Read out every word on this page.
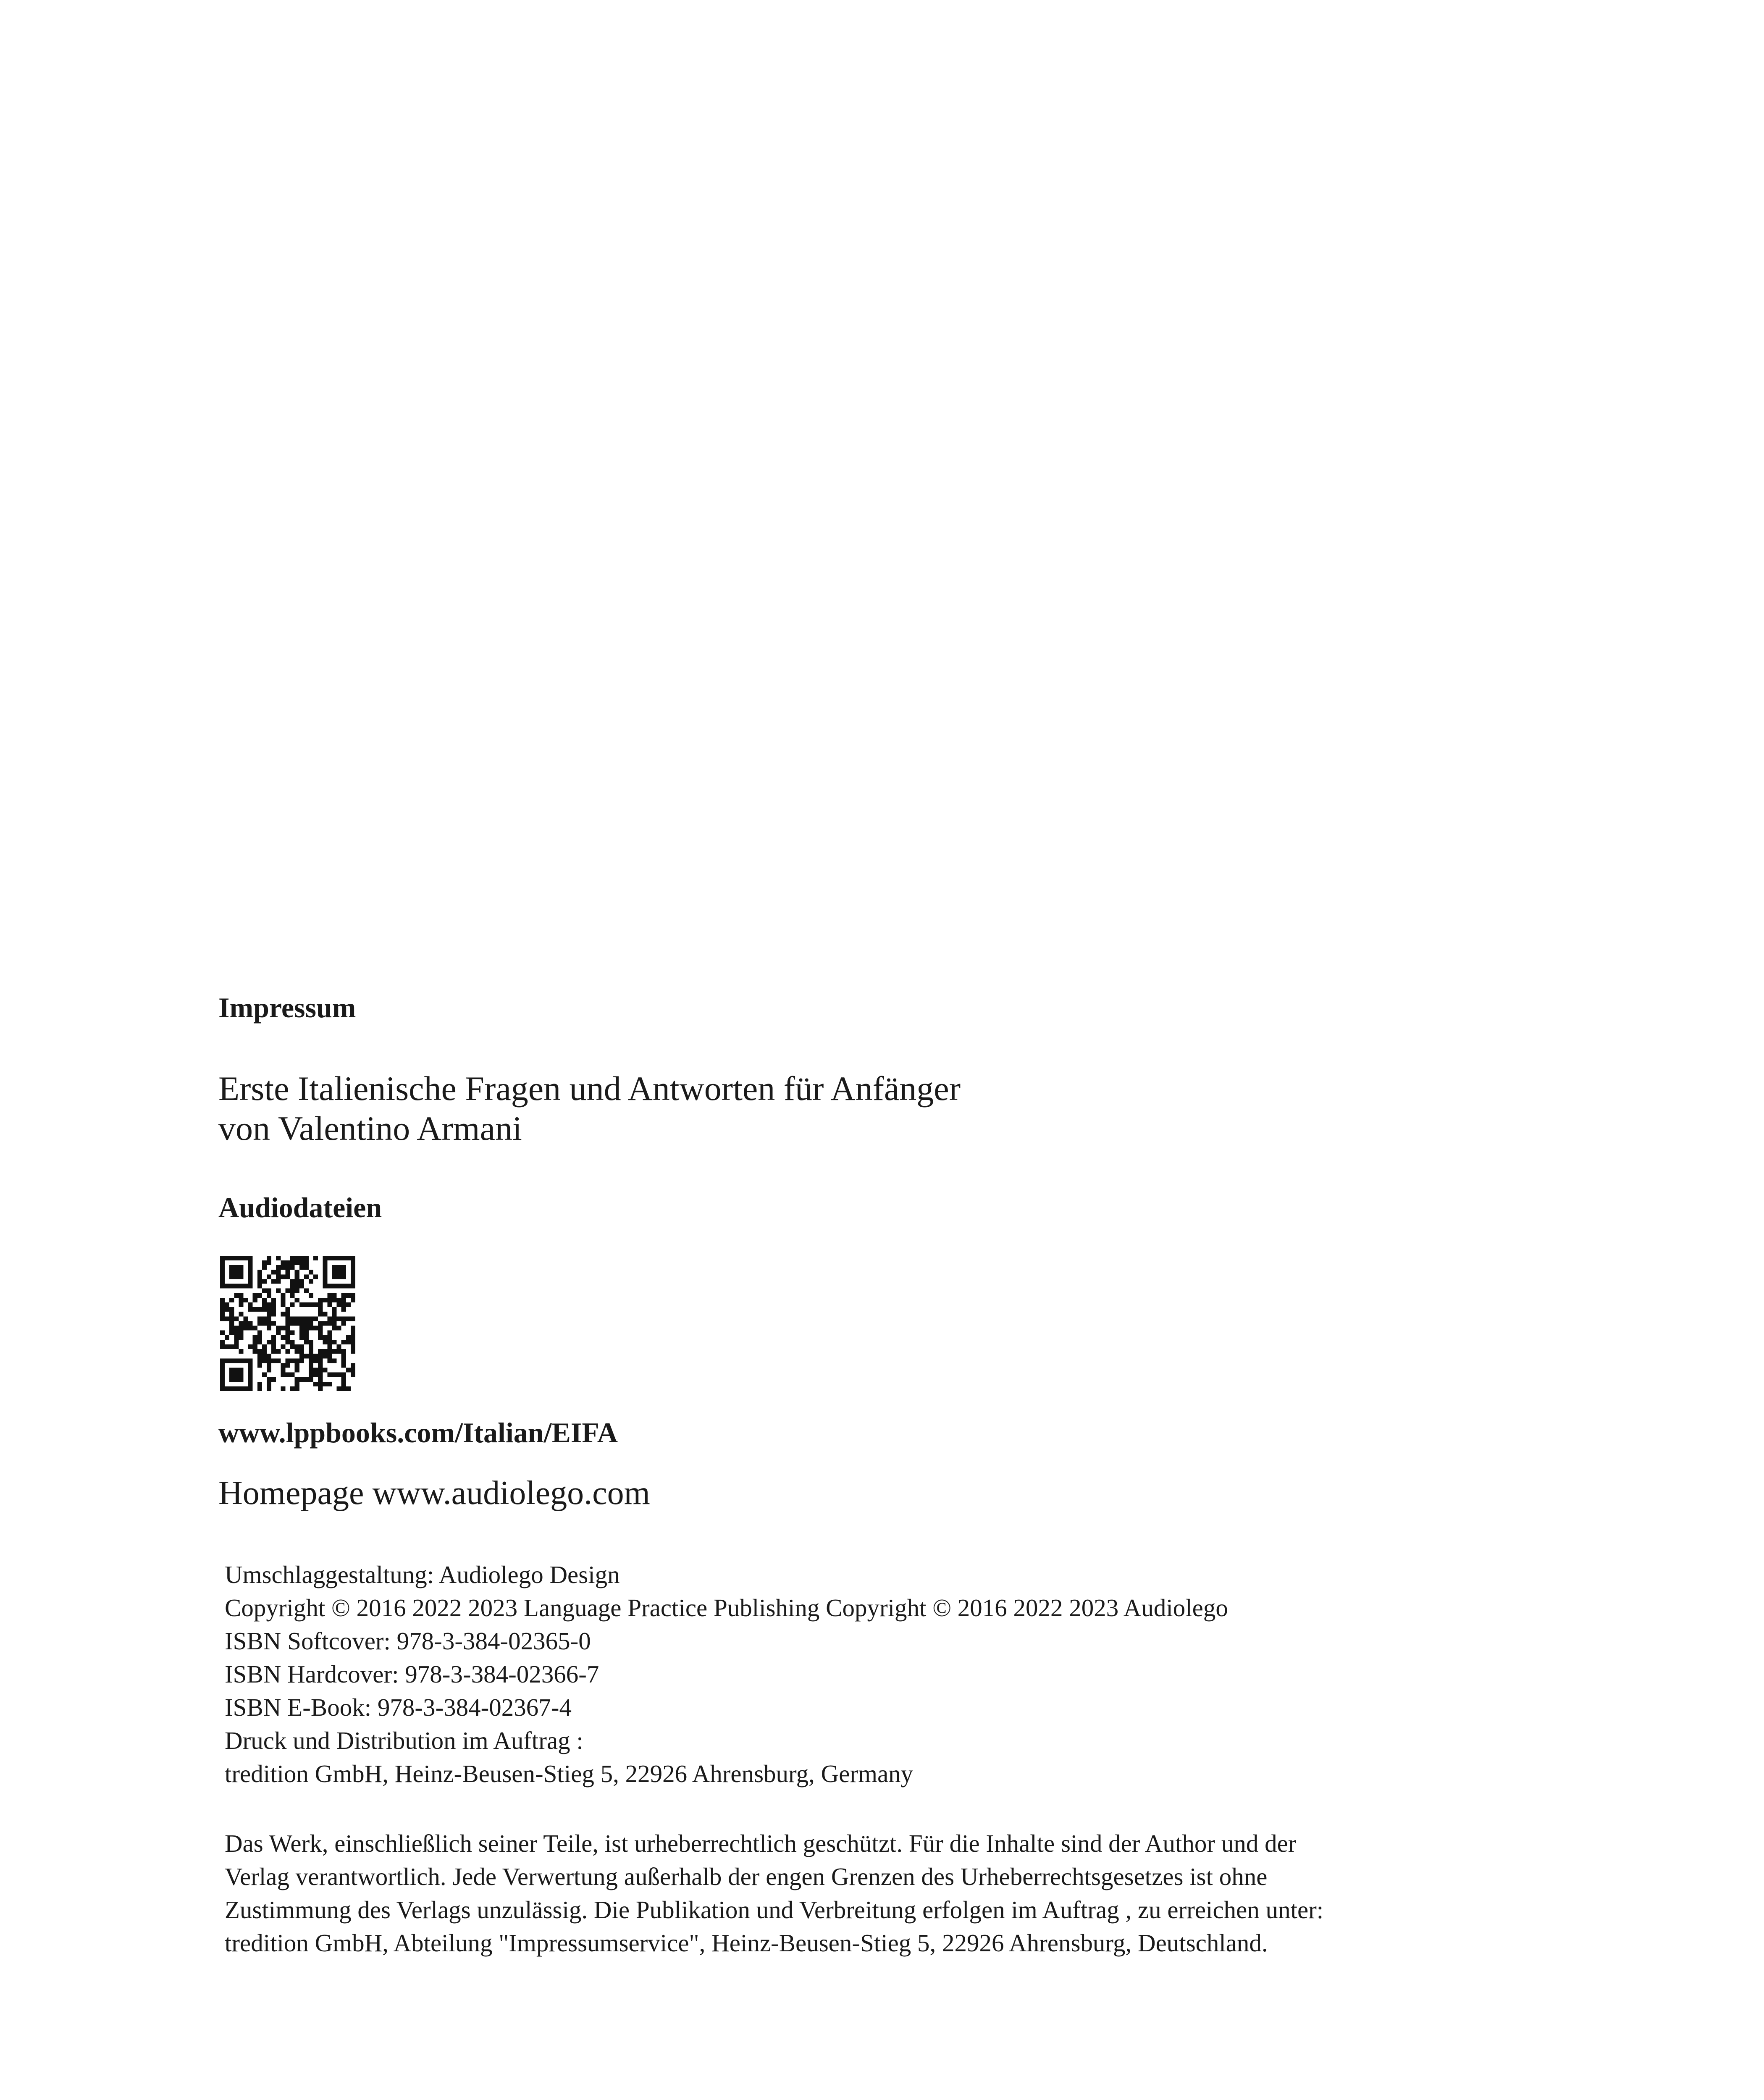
Impressum
Erste Italienische Fragen und Antworten für Anfänger
von Valentino Armani
Audiodateien
www.lppbooks.com/Italian/EIFA
Homepage www.audiolego.com
Umschlaggestaltung: Audiolego Design
Copyright © 2016 2022 2023 Language Practice Publishing Copyright © 2016 2022 2023 Audiolego
ISBN Softcover: 978-3-384-02365-0
ISBN Hardcover: 978-3-384-02366-7
ISBN E-Book: 978-3-384-02367-4
Druck und Distribution im Auftrag :
tredition GmbH, Heinz-Beusen-Stieg 5, 22926 Ahrensburg, Germany
Das Werk, einschließlich seiner Teile, ist urheberrechtlich geschützt. Für die Inhalte sind der Author und der
Verlag verantwortlich. Jede Verwertung außerhalb der engen Grenzen des Urheberrechtsgesetzes ist ohne
Zustimmung des Verlags unzulässig. Die Publikation und Verbreitung erfolgen im Auftrag , zu erreichen unter:
tredition GmbH, Abteilung "Impressumservice", Heinz-Beusen-Stieg 5, 22926 Ahrensburg, Deutschland.
